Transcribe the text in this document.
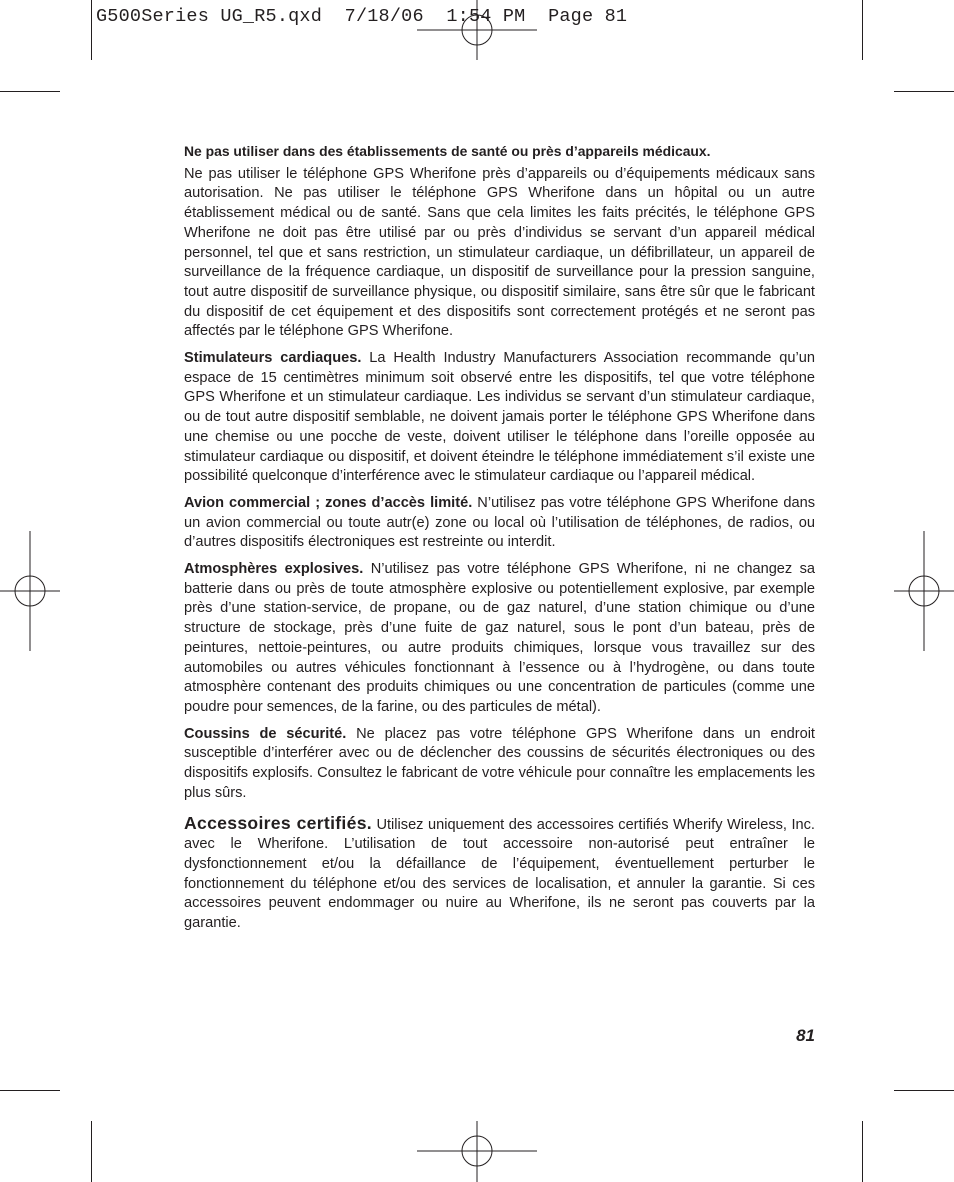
G500Series UG_R5.qxd  7/18/06  1:54 PM  Page 81

Ne pas utiliser dans des établissements de santé ou près d’appareils médicaux.

Ne pas utiliser le téléphone GPS Wherifone près d’appareils ou d’équipements médicaux sans autorisation. Ne pas utiliser le téléphone GPS Wherifone dans un hôpital ou un autre établissement médical ou de santé. Sans que cela limites les faits précités, le téléphone GPS Wherifone ne doit pas être utilisé par ou près d’individus se servant d’un appareil médical personnel, tel que et sans restriction, un stimulateur cardiaque, un défibrillateur, un appareil de surveillance de la fréquence cardiaque, un dispositif de surveillance pour la pression sanguine, tout autre dispositif de surveillance physique, ou dispositif similaire, sans être sûr que le fabricant du dispositif de cet équipement et des dispositifs sont correctement protégés et ne seront pas affectés par le téléphone GPS Wherifone.

Stimulateurs cardiaques. La Health Industry Manufacturers Association recommande qu’un espace de 15 centimètres minimum soit observé entre les dispositifs, tel que votre téléphone GPS Wherifone et un stimulateur cardiaque. Les individus se servant d’un stimulateur cardiaque, ou de tout autre dispositif semblable, ne doivent jamais porter le téléphone GPS Wherifone dans une chemise ou une pocche de veste, doivent utiliser le téléphone dans l’oreille opposée au stimulateur cardiaque ou dispositif, et doivent éteindre le téléphone immédiatement s’il existe une possibilité quelconque d’interférence avec le stimulateur cardiaque ou l’appareil médical.

Avion commercial ; zones d’accès limité. N’utilisez pas votre téléphone GPS Wherifone dans un avion commercial ou toute autr(e) zone ou local où l’utilisation de téléphones, de radios, ou d’autres dispositifs électroniques est restreinte ou interdit.

Atmosphères explosives. N’utilisez pas votre téléphone GPS Wherifone, ni ne changez sa batterie dans ou près de toute atmosphère explosive ou potentiellement explosive, par exemple près d’une station-service, de propane, ou de gaz naturel, d’une station chimique ou d’une structure de stockage, près d’une fuite de gaz naturel, sous le pont d’un bateau, près de peintures, nettoie-peintures, ou autre produits chimiques, lorsque vous travaillez sur des automobiles ou autres véhicules fonctionnant à l’essence ou à l’hydrogène, ou dans toute atmosphère contenant des produits chimiques ou une concentration de particules (comme une poudre pour semences, de la farine, ou des particules de métal).

Coussins de sécurité. Ne placez pas votre téléphone GPS Wherifone dans un endroit susceptible d’interférer avec ou de déclencher des coussins de sécurités électroniques ou des dispositifs explosifs. Consultez le fabricant de votre véhicule pour connaître les emplacements les plus sûrs.

Accessoires certifiés. Utilisez uniquement des accessoires certifiés Wherify Wireless, Inc. avec le Wherifone. L’utilisation de tout accessoire non-autorisé peut entraîner le dysfonctionnement et/ou la défaillance de l’équipement, éventuellement perturber le fonctionnement du téléphone et/ou des services de localisation, et annuler la garantie. Si ces accessoires peuvent endommager ou nuire au Wherifone, ils ne seront pas couverts par la garantie.

81
